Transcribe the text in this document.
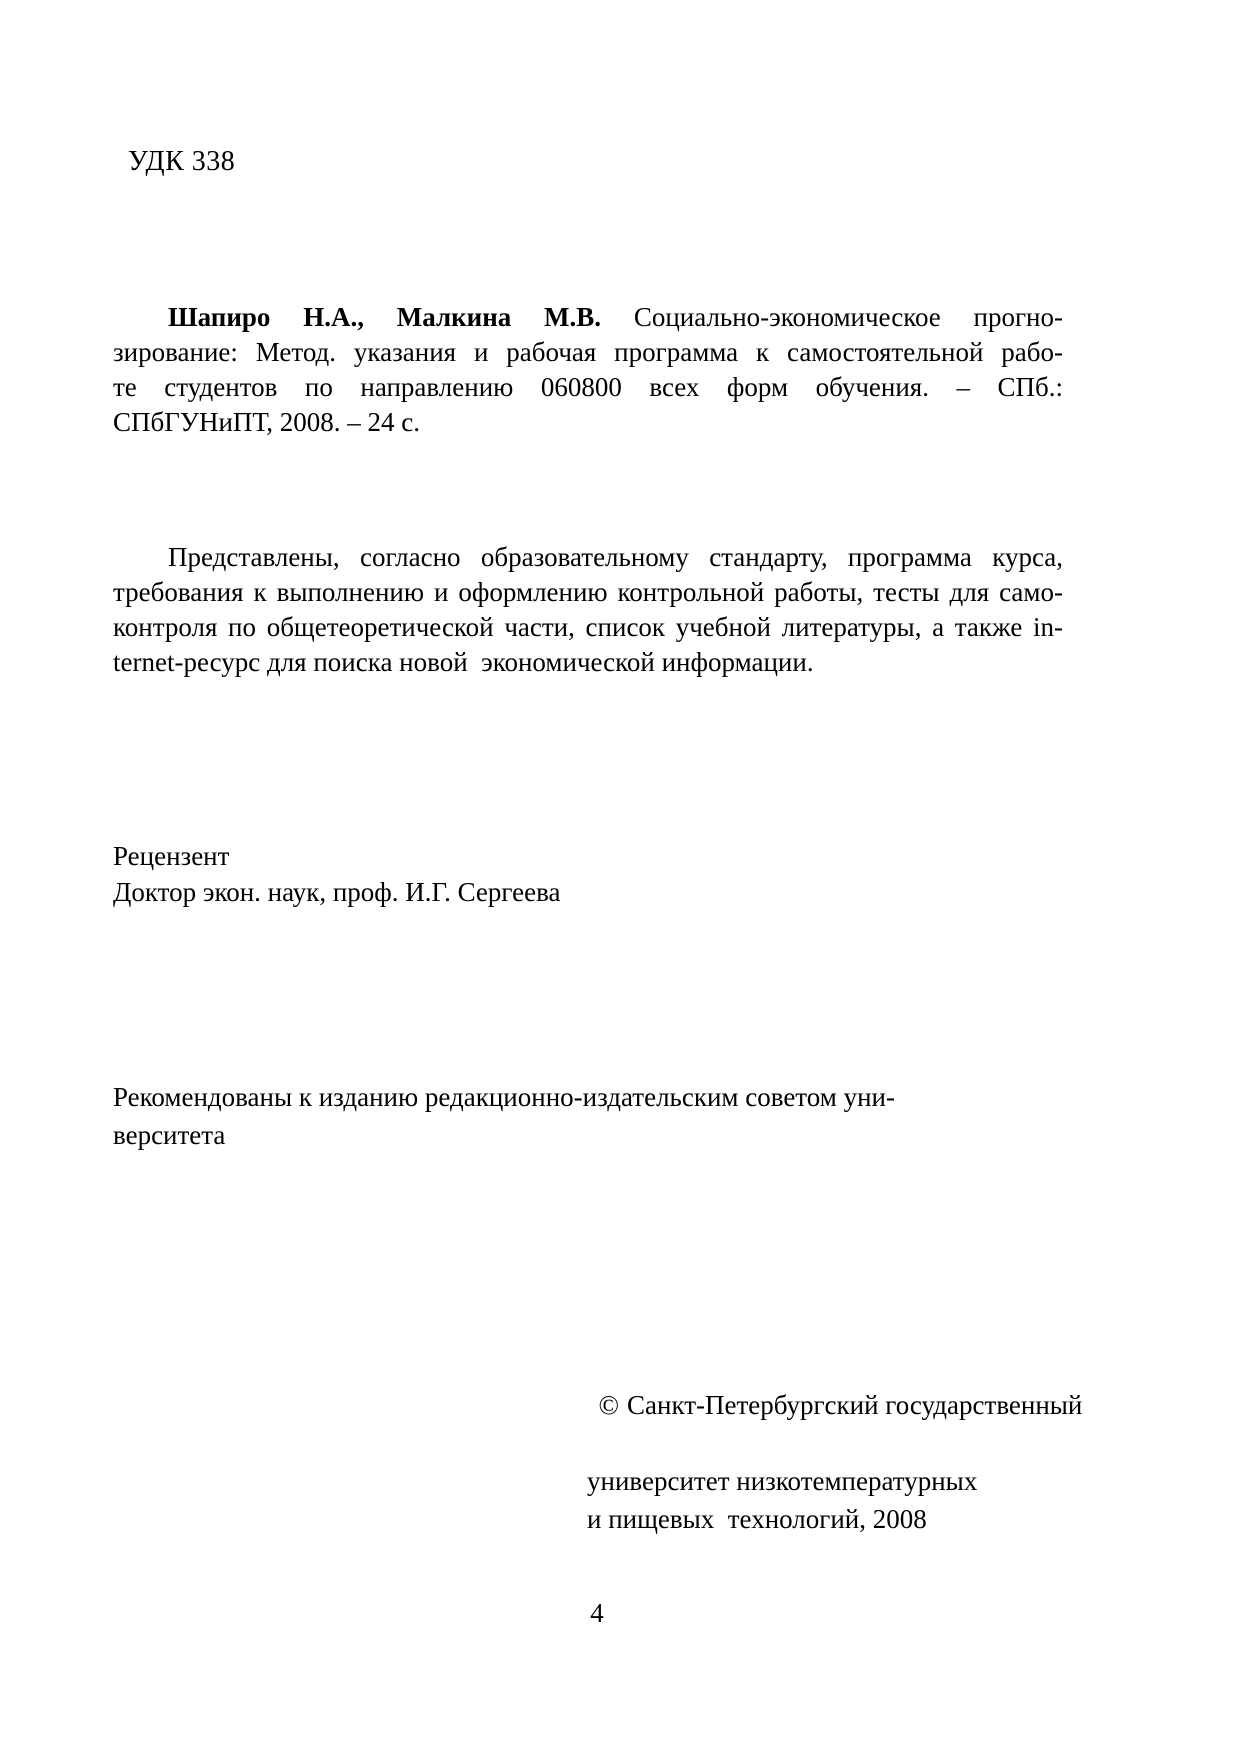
УДК 338
Шапиро Н.А., Малкина М.В. Социально-экономическое прогно-
зирование: Метод. указания и рабочая программа к самостоятельной рабо-
те студентов по направлению 060800 всех форм обучения. – СПб.:
СПбГУНиПТ, 2008. – 24 с.
Представлены, согласно образовательному стандарту, программа курса,
требования к выполнению и оформлению контрольной работы, тесты для само-
контроля по общетеоретической части, список учебной литературы, а также in-
ternet-ресурс для поиска новой  экономической информации.
Рецензент
Доктор экон. наук, проф. И.Г. Сергеева
Рекомендованы к изданию редакционно-издательским советом уни-
верситета

© Санкт-Петербургский государственный

университет низкотемпературных
и пищевых  технологий, 2008
4
